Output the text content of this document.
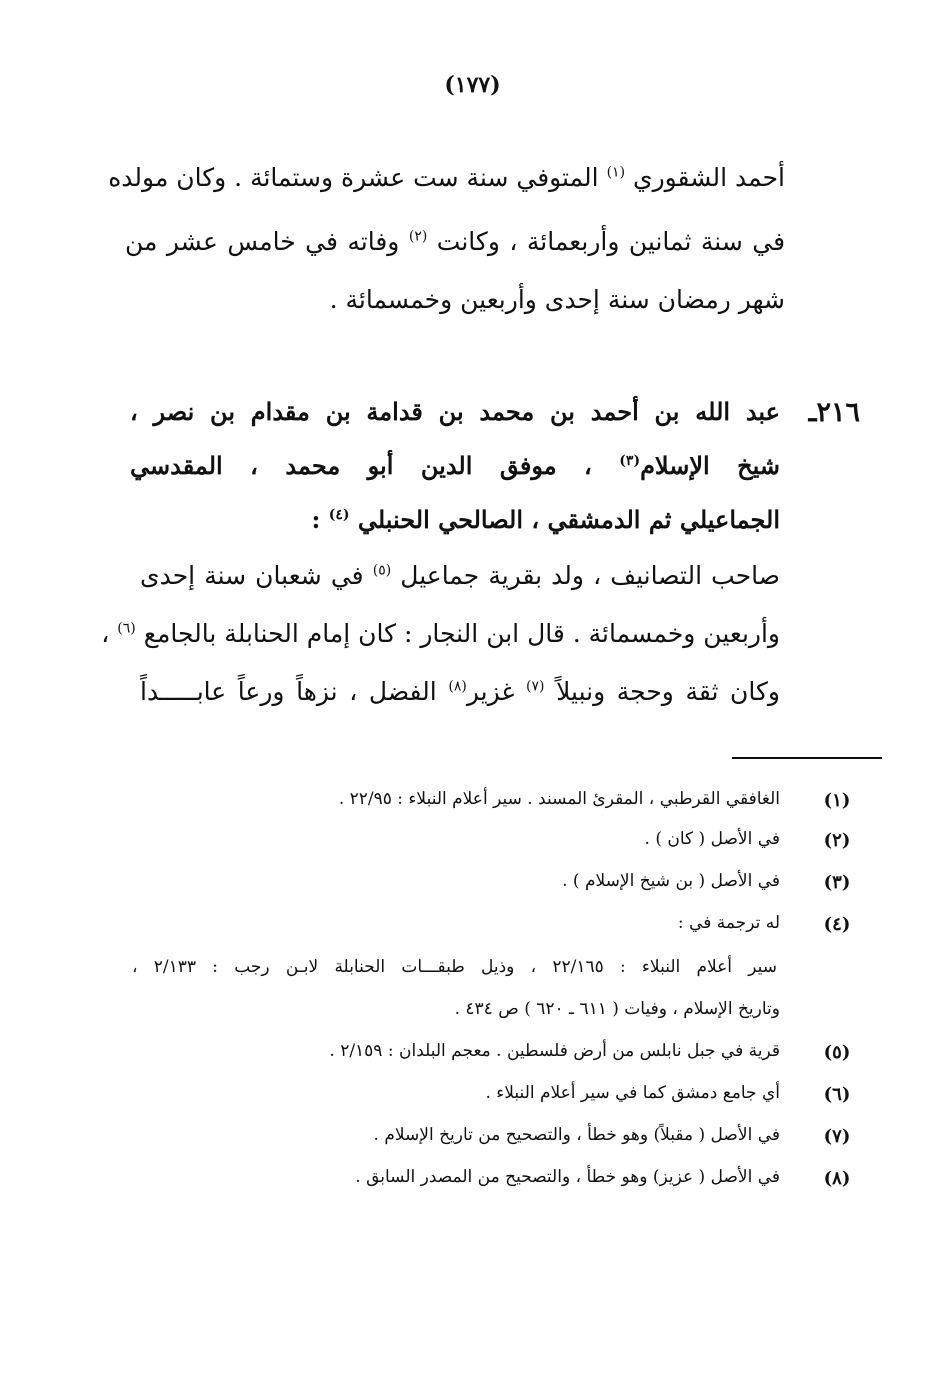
(١٧٧)
أحمد الشقوري $^{(١)}$ المتوفي سنة ست عشرة وستمائة . وكان مولده
في سنة ثمانين وأربعمائة ، وكانت $^{(٢)}$ وفاته في خامس عشر من
شهر رمضان سنة إحدى وأربعين وخمسمائة .
٢١٦ـ
عبد الله بن أحمد بن محمد بن قدامة بن مقدام بن نصر ،
شيخ الإسلام$^{(٣)}$ ، موفق الدين أبو محمد ، المقدسي
الجماعيلي ثم الدمشقي ، الصالحي الحنبلي $^{(٤)}$ :
صاحب التصانيف ، ولد بقرية جماعيل $^{(٥)}$ في شعبان سنة إحدى
وأربعين وخمسمائة . قال ابن النجار : كان إمام الحنابلة بالجامع $^{(٦)}$ ،
وكان ثقة وحجة ونبيلاً $^{(٧)}$ غزير$^{(٨)}$ الفضل ، نزهاً ورعاً عابـــــداً
(١)
الغافقي القرطبي ، المقرئ المسند . سير أعلام النبلاء : ٢٢/٩٥ .
(٢)
في الأصل ( كان ) .
(٣)
في الأصل ( بن شيخ الإسلام ) .
(٤)
له ترجمة في :
سير أعلام النبلاء : ٢٢/١٦٥ ، وذيل طبقـــات الحنابلة لابـن رجب : ٢/١٣٣ ،
وتاريخ الإسلام ، وفيات ( ٦١١ ـ ٦٢٠ ) ص ٤٣٤ .
(٥)
قرية في جبل نابلس من أرض فلسطين . معجم البلدان : ٢/١٥٩ .
(٦)
أي جامع دمشق كما في سير أعلام النبلاء .
(٧)
في الأصل ( مقبلاً) وهو خطأ ، والتصحيح من تاريخ الإسلام .
(٨)
في الأصل ( عزيز) وهو خطأ ، والتصحيح من المصدر السابق .
